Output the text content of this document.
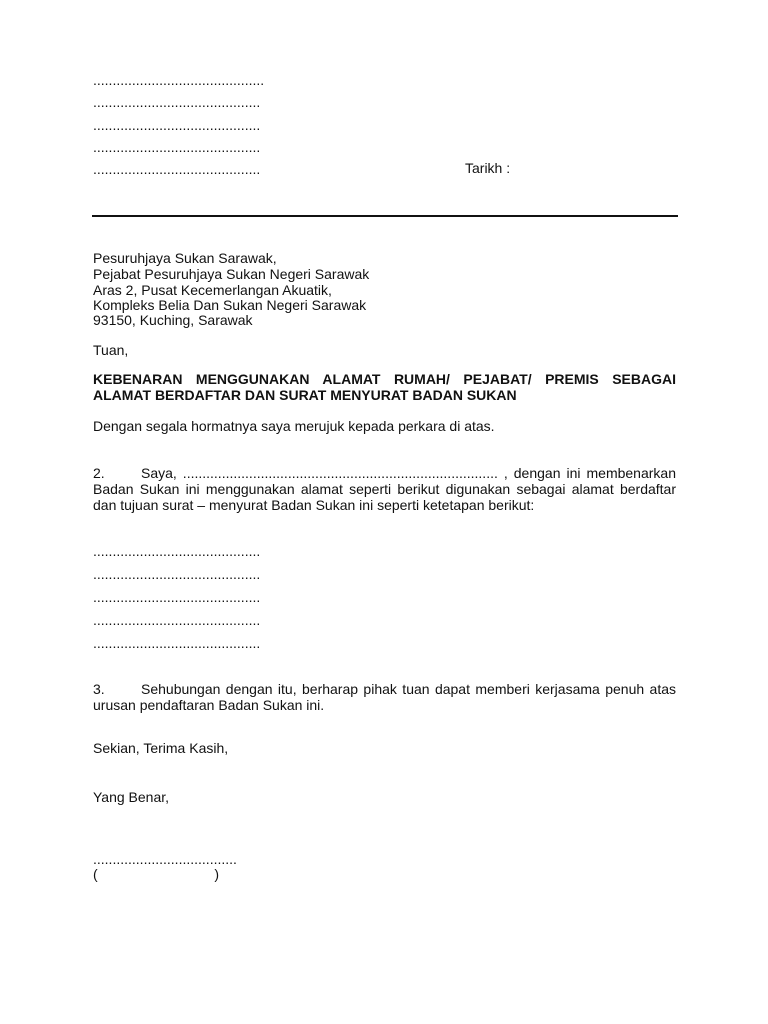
............................................
...........................................
...........................................
...........................................
...........................................	Tarikh :
Pesuruhjaya Sukan Sarawak,
Pejabat Pesuruhjaya Sukan Negeri Sarawak
Aras 2, Pusat Kecemerlangan Akuatik,
Kompleks Belia Dan Sukan Negeri Sarawak
93150, Kuching, Sarawak
Tuan,
KEBENARAN MENGGUNAKAN ALAMAT RUMAH/ PEJABAT/ PREMIS SEBAGAI ALAMAT BERDAFTAR DAN SURAT MENYURAT BADAN SUKAN
Dengan segala hormatnya saya merujuk kepada perkara di atas.
2.	Saya, ................................................................................. , dengan ini membenarkan Badan Sukan ini menggunakan alamat seperti berikut digunakan sebagai alamat berdaftar dan tujuan surat – menyurat Badan Sukan ini seperti ketetapan berikut:
...........................................
...........................................
...........................................
...........................................
...........................................
3.	Sehubungan dengan itu, berharap pihak tuan dapat memberi kerjasama penuh atas urusan pendaftaran Badan Sukan ini.
Sekian, Terima Kasih,
Yang Benar,
.....................................
(                              )
